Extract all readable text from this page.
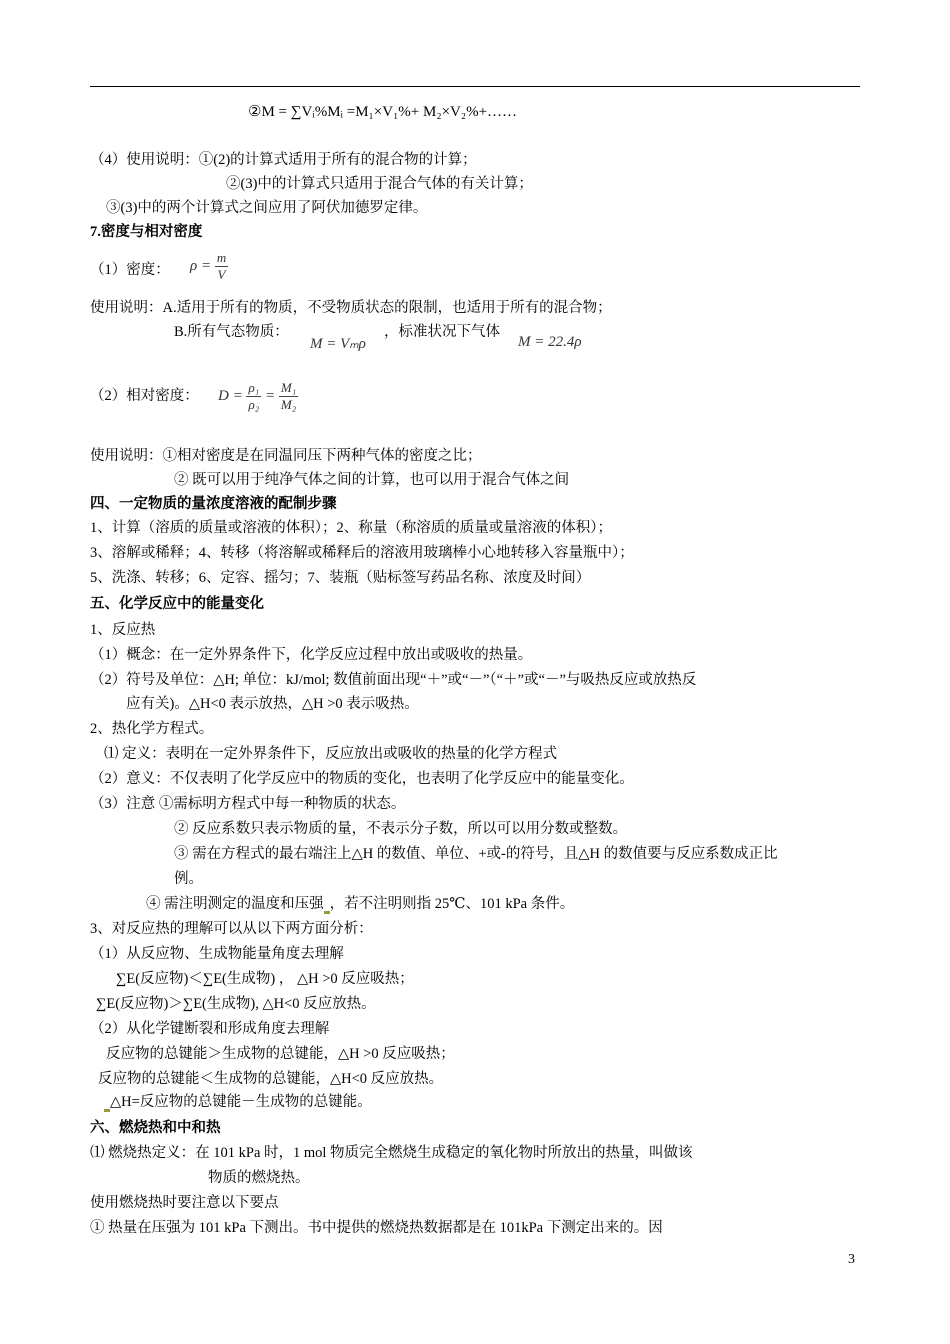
②M = ∑Vᵢ%Mᵢ =M₁×V₁%+ M₂×V₂%+……
（4）使用说明：①(2)的计算式适用于所有的混合物的计算；
②(3)中的计算式只适用于混合气体的有关计算；
③(3)中的两个计算式之间应用了阿伏加德罗定律。
7.密度与相对密度
（1）密度： $\rho = \frac{m}{V}$
使用说明：A.适用于所有的物质，不受物质状态的限制，也适用于所有的混合物；
B.所有气态物质：
M = Vₘρ
，标准状况下气体
M = 22.4ρ
（2）相对密度： $D = \frac{\text{ρ₁}}{\text{ρ₂}} = \frac{\text{M₁}}{\text{M₂}}$
使用说明：①相对密度是在同温同压下两种气体的密度之比；
② 既可以用于纯净气体之间的计算，也可以用于混合气体之间
四、一定物质的量浓度溶液的配制步骤
1、计算（溶质的质量或溶液的体积）；2、称量（称溶质的质量或量溶液的体积）；
3、溶解或稀释；4、转移（将溶解或稀释后的溶液用玻璃棒小心地转移入容量瓶中）；
5、洗涤、转移；6、定容、摇匀；7、装瓶（贴标签写药品名称、浓度及时间）
五、化学反应中的能量变化
1、反应热
（1）概念：在一定外界条件下，化学反应过程中放出或吸收的热量。
（2）符号及单位：△H; 单位：kJ/mol; 数值前面出现“＋”或“－”（“＋”或“－”与吸热反应或放热反
应有关)。△H<0 表示放热，△H >0 表示吸热。
2、热化学方程式。
⑴ 定义：表明在一定外界条件下，反应放出或吸收的热量的化学方程式
（2）意义：不仅表明了化学反应中的物质的变化，也表明了化学反应中的能量变化。
（3）注意 ①需标明方程式中每一种物质的状态。
② 反应系数只表示物质的量，不表示分子数，所以可以用分数或整数。
③ 需在方程式的最右端注上△H 的数值、单位、+或-的符号，且△H 的数值要与反应系数成正比
例。
④ 需注明测定的温度和压强 ，若不注明则指 25℃、101 kPa 条件。
3、对反应热的理解可以从以下两方面分析：
（1）从反应物、生成物能量角度去理解
∑E(反应物)＜∑E(生成物) ， △H >0 反应吸热；
∑E(反应物)＞∑E(生成物), △H<0 反应放热。
（2）从化学键断裂和形成角度去理解
反应物的总键能＞生成物的总键能，△H >0 反应吸热；
反应物的总键能＜生成物的总键能，△H<0 反应放热。
△H=反应物的总键能－生成物的总键能。
六、燃烧热和中和热
⑴ 燃烧热定义：在 101 kPa 时，1 mol 物质完全燃烧生成稳定的氧化物时所放出的热量，叫做该
物质的燃烧热。
使用燃烧热时要注意以下要点
① 热量在压强为 101 kPa 下测出。书中提供的燃烧热数据都是在 101kPa 下测定出来的。因
3
